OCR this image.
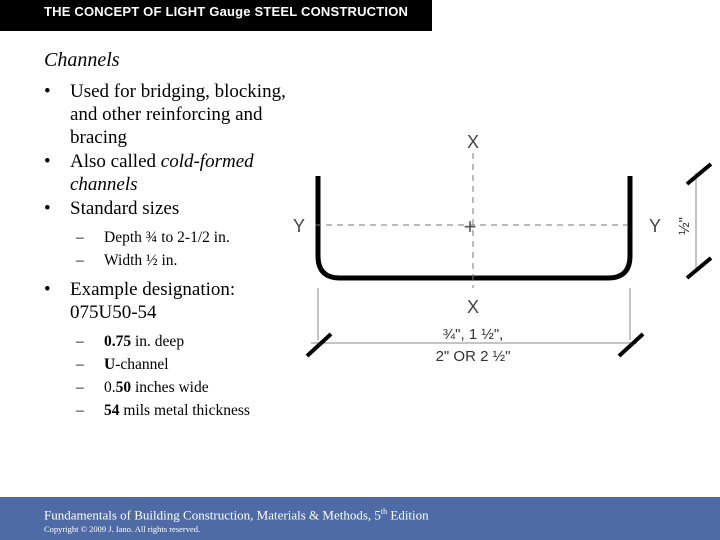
THE CONCEPT OF LIGHT Gauge STEEL CONSTRUCTION
Channels
• Used for bridging, blocking, and other reinforcing and bracing
• Also called cold-formed channels
• Standard sizes
– Depth ¾ to 2-1/2 in.
– Width ½ in.
• Example designation: 075U50-54
– 0.75 in. deep
– U-channel
– 0.50 inches wide
– 54 mils metal thickness
X
X
Y	Y
+	½"
¾", 1 ½",
2" OR 2 ½"
Fundamentals of Building Construction, Materials & Methods, 5th Edition
Copyright © 2009 J. Iano. All rights reserved.
